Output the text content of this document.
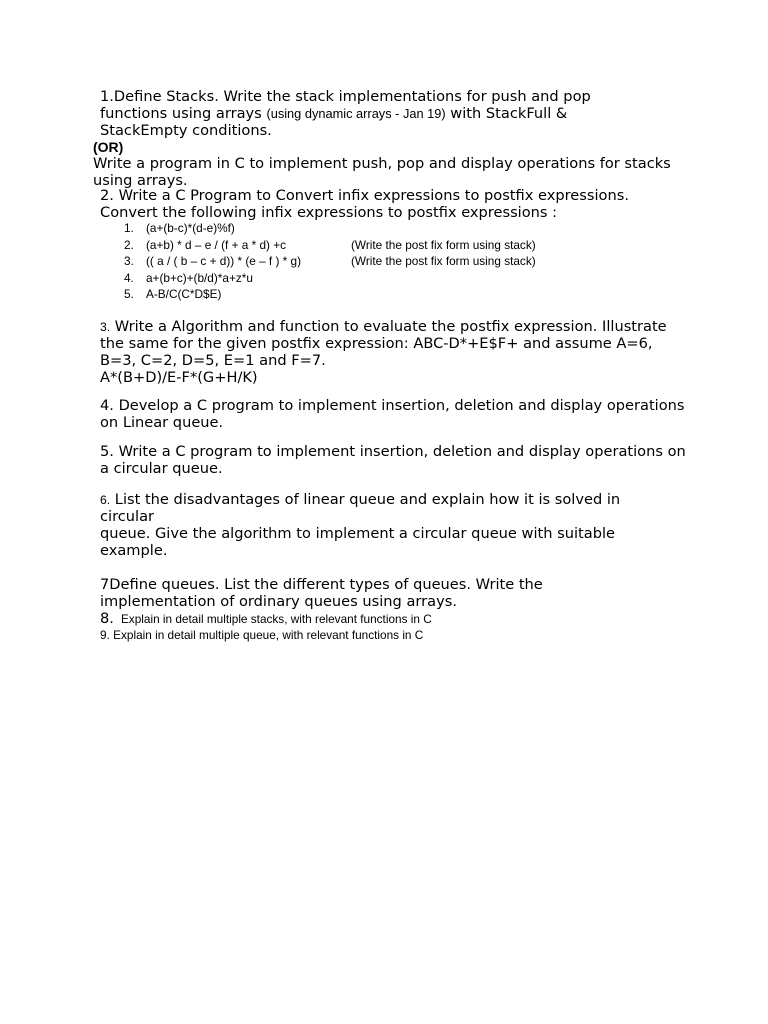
1.Define Stacks. Write the stack implementations for push and pop
functions using arrays (using dynamic arrays - Jan 19) with StackFull &
StackEmpty conditions.
(OR)
Write a program in C to implement push, pop and display operations for stacks
using arrays.
2. Write a C Program to Convert infix expressions to postfix expressions.
Convert the following infix expressions to postfix expressions :
1. (a+(b-c)*(d-e)%f)
2. (a+b) * d – e / (f + a * d) +c	(Write the post fix form using stack)
3. (( a / ( b – c + d)) * (e – f ) * g)	(Write the post fix form using stack)
4. a+(b+c)+(b/d)*a+z*u
5. A-B/C(C*D$E)
3. Write a Algorithm and function to evaluate the postfix expression. Illustrate
the same for the given postfix expression: ABC-D*+E$F+ and assume A=6,
B=3, C=2, D=5, E=1 and F=7.
A*(B+D)/E-F*(G+H/K)
4. Develop a C program to implement insertion, deletion and display operations
on Linear queue.
5. Write a C program to implement insertion, deletion and display operations on
a circular queue.
6. List the disadvantages of linear queue and explain how it is solved in
circular
queue. Give the algorithm to implement a circular queue with suitable
example.
7Define queues. List the different types of queues. Write the
implementation of ordinary queues using arrays.
8. Explain in detail multiple stacks, with relevant functions in C
9. Explain in detail multiple queue, with relevant functions in C
